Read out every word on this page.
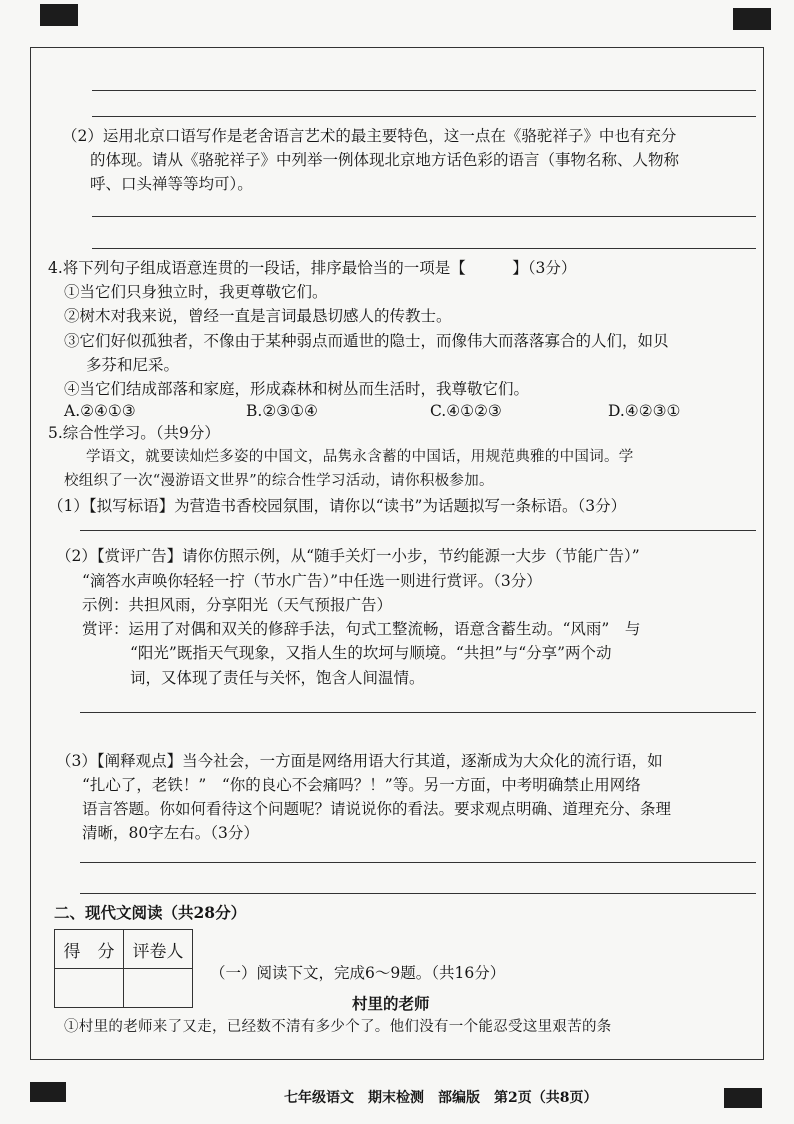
（2）运用北京口语写作是老舍语言艺术的最主要特色，这一点在《骆驼祥子》中也有充分
的体现。请从《骆驼祥子》中列举一例体现北京地方话色彩的语言（事物名称、人物称
呼、口头禅等等均可）。
4.将下列句子组成语意连贯的一段话，排序最恰当的一项是【　　　】（3分）
①当它们只身独立时，我更尊敬它们。
②树木对我来说，曾经一直是言词最恳切感人的传教士。
③它们好似孤独者，不像由于某种弱点而遁世的隐士，而像伟大而落落寡合的人们，如贝
多芬和尼采。
④当它们结成部落和家庭，形成森林和树丛而生活时，我尊敬它们。
A.②④①③	B.②③①④	C.④①②③	D.④②③①
5.综合性学习。（共9分）
学语文，就要读灿烂多姿的中国文，品隽永含蓄的中国话，用规范典雅的中国词。学
校组织了一次“漫游语文世界”的综合性学习活动，请你积极参加。
（1）【拟写标语】为营造书香校园氛围，请你以“读书”为话题拟写一条标语。（3分）
（2）【赏评广告】请你仿照示例，从“随手关灯一小步，节约能源一大步（节能广告）”
“滴答水声唤你轻轻一拧（节水广告）”中任选一则进行赏评。（3分）
示例：共担风雨，分享阳光（天气预报广告）
赏评：运用了对偶和双关的修辞手法，句式工整流畅，语意含蓄生动。“风雨”　与
“阳光”既指天气现象，又指人生的坎坷与顺境。“共担”与“分享”两个动
词，又体现了责任与关怀，饱含人间温情。
（3）【阐释观点】当今社会，一方面是网络用语大行其道，逐渐成为大众化的流行语，如
“扎心了，老铁！”　“你的良心不会痛吗？！”等。另一方面，中考明确禁止用网络
语言答题。你如何看待这个问题呢？请说说你的看法。要求观点明确、道理充分、条理
清晰，80字左右。（3分）
二、现代文阅读（共28分）
得　分	评卷人

（一）阅读下文，完成6～9题。（共16分）
村里的老师
①村里的老师来了又走，已经数不清有多少个了。他们没有一个能忍受这里艰苦的条
七年级语文　期末检测　部编版　第2页（共8页）
